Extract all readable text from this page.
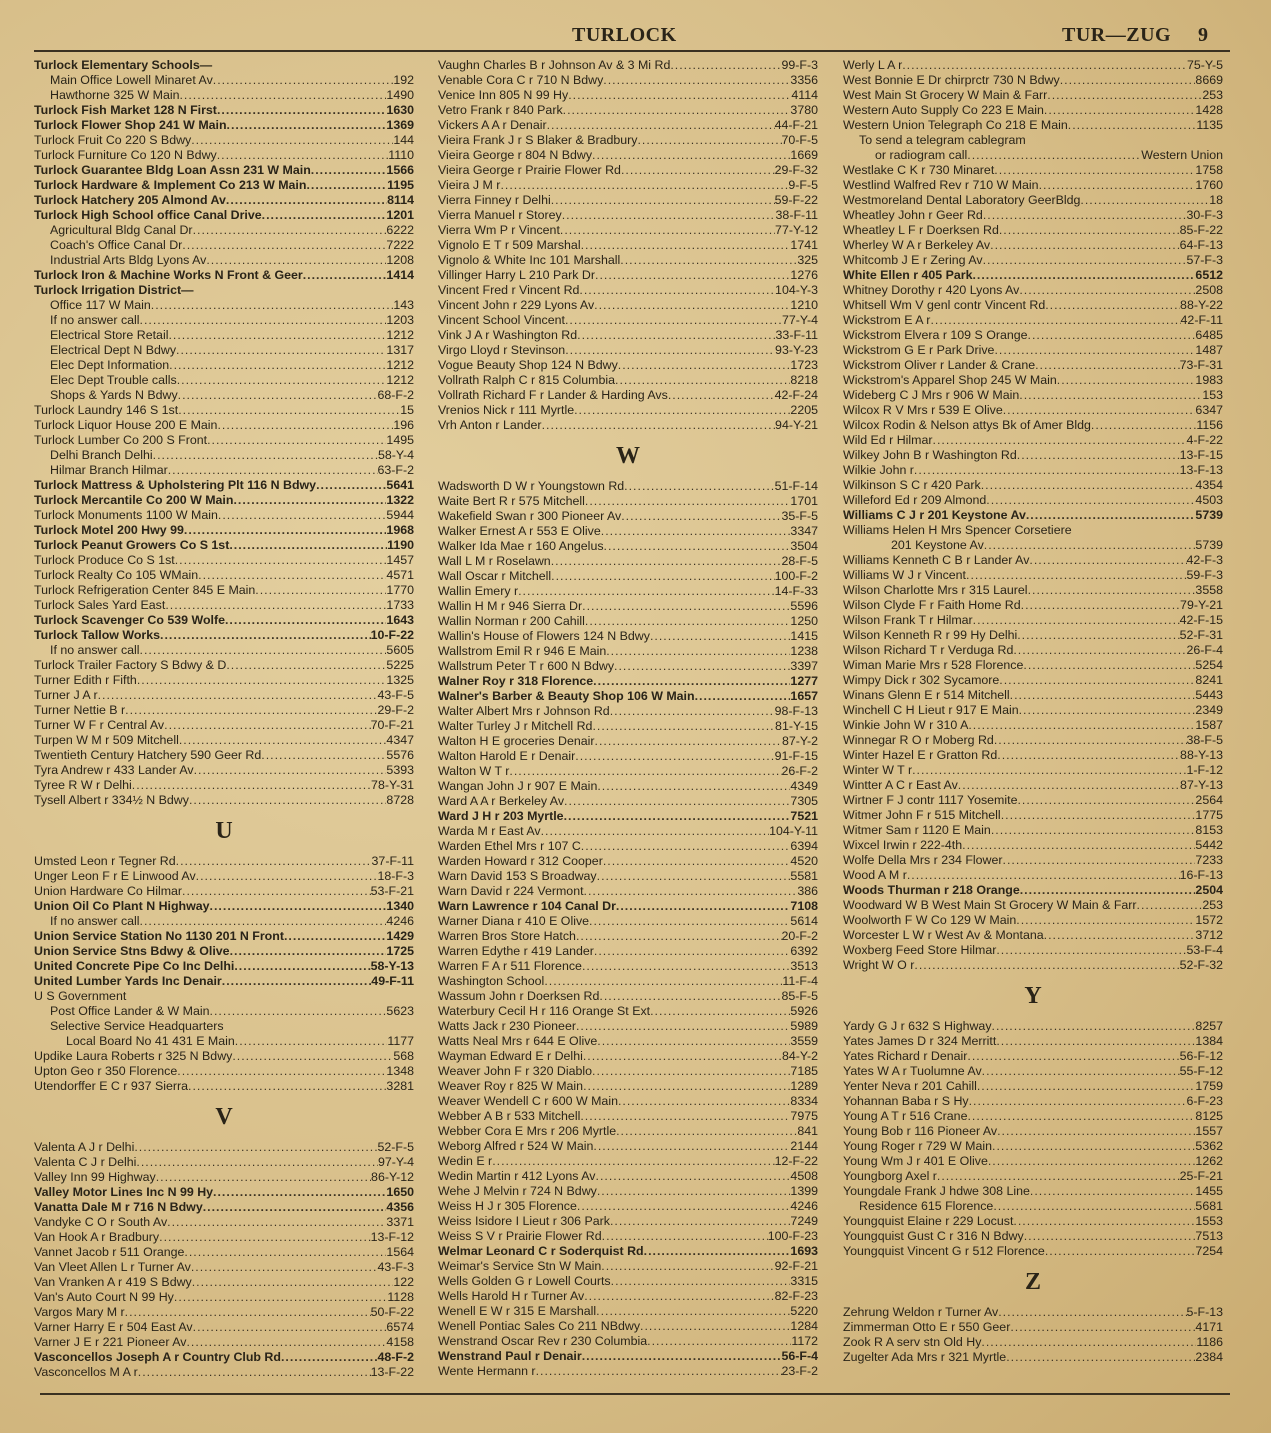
TURLOCK	TUR—ZUG 9
Turlock Elementary Schools—
Main Office Lowell Minaret Av .....	192
Hawthorne 325 W Main .....	1490
Turlock Fish Market 128 N First .....	1630
Turlock Flower Shop 241 W Main .....	1369
Turlock Fruit Co 220 S Bdwy .....	144
Turlock Furniture Co 120 N Bdwy .....	1110
Turlock Guarantee Bldg Loan Assn 231 W Main .....	1566
Turlock Hardware & Implement Co 213 W Main .....	1195
Turlock Hatchery 205 Almond Av .....	8114
Turlock High School office Canal Drive .....	1201
Agricultural Bldg Canal Dr .....	6222
Coach's Office Canal Dr .....	7222
Industrial Arts Bldg Lyons Av .....	1208
Turlock Iron & Machine Works N Front & Geer .....	1414
Turlock Irrigation District—
Office 117 W Main .....	143
If no answer call .....	1203
Electrical Store Retail .....	1212
Electrical Dept N Bdwy .....	1317
Elec Dept Information .....	1212
Elec Dept Trouble calls .....	1212
Shops & Yards N Bdwy .....	68-F-2
Turlock Laundry 146 S 1st .....	15
Turlock Liquor House 200 E Main .....	196
Turlock Lumber Co 200 S Front .....	1495
Delhi Branch Delhi .....	58-Y-4
Hilmar Branch Hilmar .....	63-F-2
Turlock Mattress & Upholstering Plt 116 N Bdwy .....	5641
Turlock Mercantile Co 200 W Main .....	1322
Turlock Monuments 1100 W Main .....	5944
Turlock Motel 200 Hwy 99 .....	1968
Turlock Peanut Growers Co S 1st .....	1190
Turlock Produce Co S 1st .....	1457
Turlock Realty Co 105 WMain .....	4571
Turlock Refrigeration Center 845 E Main .....	1770
Turlock Sales Yard East .....	1733
Turlock Scavenger Co 539 Wolfe .....	1643
Turlock Tallow Works .....	10-F-22
If no answer call .....	5605
Turlock Trailer Factory S Bdwy & D .....	5225
Turner Edith r Fifth .....	1325
Turner J A r .....	43-F-5
Turner Nettie B r .....	29-F-2
Turner W F r Central Av .....	70-F-21
Turpen W M r 509 Mitchell .....	4347
Twentieth Century Hatchery 590 Geer Rd .....	5576
Tyra Andrew r 433 Lander Av .....	5393
Tyree R W r Delhi .....	78-Y-31
Tysell Albert r 334½ N Bdwy .....	8728
U
Umsted Leon r Tegner Rd .....	37-F-11
Unger Leon F r E Linwood Av .....	18-F-3
Union Hardware Co Hilmar .....	53-F-21
Union Oil Co Plant N Highway .....	1340
If no answer call .....	4246
Union Service Station No 1130 201 N Front .....	1429
Union Service Stns Bdwy & Olive .....	1725
United Concrete Pipe Co Inc Delhi .....	58-Y-13
United Lumber Yards Inc Denair .....	49-F-11
U S Government
Post Office Lander & W Main .....	5623
Selective Service Headquarters
Local Board No 41 431 E Main .....	1177
Updike Laura Roberts r 325 N Bdwy .....	568
Upton Geo r 350 Florence .....	1348
Utendorffer E C r 937 Sierra .....	3281
V
Valenta A J r Delhi .....	52-F-5
Valenta C J r Delhi .....	97-Y-4
Valley Inn 99 Highway .....	86-Y-12
Valley Motor Lines Inc N 99 Hy .....	1650
Vanatta Dale M r 716 N Bdwy .....	4356
Vandyke C O r South Av .....	3371
Van Hook A r Bradbury .....	13-F-12
Vannet Jacob r 511 Orange .....	1564
Van Vleet Allen L r Turner Av .....	43-F-3
Van Vranken A r 419 S Bdwy .....	122
Van's Auto Court N 99 Hy .....	1128
Vargos Mary M r .....	50-F-22
Varner Harry E r 504 East Av .....	6574
Varner J E r 221 Pioneer Av .....	4158
Vasconcellos Joseph A r Country Club Rd .....	48-F-2
Vasconcellos M A r .....	13-F-22
Vaughn Charles B r Johnson Av & 3 Mi Rd .....	99-F-3
Venable Cora C r 710 N Bdwy .....	3356
Venice Inn 805 N 99 Hy .....	4114
Vetro Frank r 840 Park .....	3780
Vickers A A r Denair .....	44-F-21
Vieira Frank J r S Blaker & Bradbury .....	70-F-5
Vieira George r 804 N Bdwy .....	1669
Vieira George r Prairie Flower Rd .....	29-F-32
Vieira J M r .....	9-F-5
Vierra Finney r Delhi .....	59-F-22
Vierra Manuel r Storey .....	38-F-11
Vierra Wm P r Vincent .....	77-Y-12
Vignolo E T r 509 Marshal .....	1741
Vignolo & White Inc 101 Marshall .....	325
Villinger Harry L 210 Park Dr .....	1276
Vincent Fred r Vincent Rd .....	104-Y-3
Vincent John r 229 Lyons Av .....	1210
Vincent School Vincent .....	77-Y-4
Vink J A r Washington Rd .....	33-F-11
Virgo Lloyd r Stevinson .....	93-Y-23
Vogue Beauty Shop 124 N Bdwy .....	1723
Vollrath Ralph C r 815 Columbia .....	8218
Vollrath Richard F r Lander & Harding Avs .....	42-F-24
Vrenios Nick r 111 Myrtle .....	2205
Vrh Anton r Lander .....	94-Y-21
W
Wadsworth D W r Youngstown Rd .....	51-F-14
Waite Bert R r 575 Mitchell .....	1701
Wakefield Swan r 300 Pioneer Av .....	35-F-5
Walker Ernest A r 553 E Olive .....	3347
Walker Ida Mae r 160 Angelus .....	3504
Wall L M r Roselawn .....	28-F-5
Wall Oscar r Mitchell .....	100-F-2
Wallin Emery r .....	14-F-33
Wallin H M r 946 Sierra Dr .....	5596
Wallin Norman r 200 Cahill .....	1250
Wallin's House of Flowers 124 N Bdwy .....	1415
Wallstrom Emil R r 946 E Main .....	1238
Wallstrum Peter T r 600 N Bdwy .....	3397
Walner Roy r 318 Florence .....	1277
Walner's Barber & Beauty Shop 106 W Main .....	1657
Walter Albert Mrs r Johnson Rd .....	98-F-13
Walter Turley J r Mitchell Rd .....	81-Y-15
Walton H E groceries Denair .....	87-Y-2
Walton Harold E r Denair .....	91-F-15
Walton W T r .....	26-F-2
Wangan John J r 907 E Main .....	4349
Ward A A r Berkeley Av .....	7305
Ward J H r 203 Myrtle .....	7521
Warda M r East Av .....	104-Y-11
Warden Ethel Mrs r 107 C .....	6394
Warden Howard r 312 Cooper .....	4520
Warn David 153 S Broadway .....	5581
Warn David r 224 Vermont .....	386
Warn Lawrence r 104 Canal Dr .....	7108
Warner Diana r 410 E Olive .....	5614
Warren Bros Store Hatch .....	20-F-2
Warren Edythe r 419 Lander .....	6392
Warren F A r 511 Florence .....	3513
Washington School .....	11-F-4
Wassum John r Doerksen Rd .....	85-F-5
Waterbury Cecil H r 116 Orange St Ext .....	5926
Watts Jack r 230 Pioneer .....	5989
Watts Neal Mrs r 644 E Olive .....	3559
Wayman Edward E r Delhi .....	84-Y-2
Weaver John F r 320 Diablo .....	7185
Weaver Roy r 825 W Main .....	1289
Weaver Wendell C r 600 W Main .....	8334
Webber A B r 533 Mitchell .....	7975
Webber Cora E Mrs r 206 Myrtle .....	841
Weborg Alfred r 524 W Main .....	2144
Wedin E r .....	12-F-22
Wedin Martin r 412 Lyons Av .....	4508
Wehe J Melvin r 724 N Bdwy .....	1399
Weiss H J r 305 Florence .....	4246
Weiss Isidore I Lieut r 306 Park .....	7249
Weiss S V r Prairie Flower Rd .....	100-F-23
Welmar Leonard C r Soderquist Rd .....	1693
Weimar's Service Stn W Main .....	92-F-21
Wells Golden G r Lowell Courts .....	3315
Wells Harold H r Turner Av .....	82-F-23
Wenell E W r 315 E Marshall .....	5220
Wenell Pontiac Sales Co 211 NBdwy .....	1284
Wenstrand Oscar Rev r 230 Columbia .....	1172
Wenstrand Paul r Denair .....	56-F-4
Wente Hermann r .....	23-F-2
Werly L A r .....	75-Y-5
West Bonnie E Dr chirprctr 730 N Bdwy .....	8669
West Main St Grocery W Main & Farr .....	253
Western Auto Supply Co 223 E Main .....	1428
Western Union Telegraph Co 218 E Main .....	1135
To send a telegram cablegram
or radiogram call .....	Western Union
Westlake C K r 730 Minaret .....	1758
Westlind Walfred Rev r 710 W Main .....	1760
Westmoreland Dental Laboratory GeerBldg .....	18
Wheatley John r Geer Rd .....	30-F-3
Wheatley L F r Doerksen Rd .....	85-F-22
Wherley W A r Berkeley Av .....	64-F-13
Whitcomb J E r Zering Av .....	57-F-3
White Ellen r 405 Park .....	6512
Whitney Dorothy r 420 Lyons Av .....	2508
Whitsell Wm V genl contr Vincent Rd .....	88-Y-22
Wickstrom E A r .....	42-F-11
Wickstrom Elvera r 109 S Orange .....	6485
Wickstrom G E r Park Drive .....	1487
Wickstrom Oliver r Lander & Crane .....	73-F-31
Wickstrom's Apparel Shop 245 W Main .....	1983
Wideberg C J Mrs r 906 W Main .....	153
Wilcox R V Mrs r 539 E Olive .....	6347
Wilcox Rodin & Nelson attys Bk of Amer Bldg .....	1156
Wild Ed r Hilmar .....	4-F-22
Wilkey John B r Washington Rd .....	13-F-15
Wilkie John r .....	13-F-13
Wilkinson S C r 420 Park .....	4354
Willeford Ed r 209 Almond .....	4503
Williams C J r 201 Keystone Av .....	5739
Williams Helen H Mrs Spencer Corsetiere
201 Keystone Av .....	5739
Williams Kenneth C B r Lander Av .....	42-F-3
Williams W J r Vincent .....	59-F-3
Wilson Charlotte Mrs r 315 Laurel .....	3558
Wilson Clyde F r Faith Home Rd .....	79-Y-21
Wilson Frank T r Hilmar .....	42-F-15
Wilson Kenneth R r 99 Hy Delhi .....	52-F-31
Wilson Richard T r Verduga Rd .....	26-F-4
Wiman Marie Mrs r 528 Florence .....	5254
Wimpy Dick r 302 Sycamore .....	8241
Winans Glenn E r 514 Mitchell .....	5443
Winchell C H Lieut r 917 E Main .....	2349
Winkie John W r 310 A .....	1587
Winnegar R O r Moberg Rd .....	38-F-5
Winter Hazel E r Gratton Rd .....	88-Y-13
Winter W T r .....	1-F-12
Wintter A C r East Av .....	87-Y-13
Wirtner F J contr 1117 Yosemite .....	2564
Witmer John F r 515 Mitchell .....	1775
Witmer Sam r 1120 E Main .....	8153
Wixcel Irwin r 222-4th .....	5442
Wolfe Della Mrs r 234 Flower .....	7233
Wood A M r .....	16-F-13
Woods Thurman r 218 Orange .....	2504
Woodward W B West Main St Grocery W Main & Farr .....	253
Woolworth F W Co 129 W Main .....	1572
Worcester L W r West Av & Montana .....	3712
Woxberg Feed Store Hilmar .....	53-F-4
Wright W O r .....	52-F-32
Y
Yardy G J r 632 S Highway .....	8257
Yates James D r 324 Merritt .....	1384
Yates Richard r Denair .....	56-F-12
Yates W A r Tuolumne Av .....	55-F-12
Yenter Neva r 201 Cahill .....	1759
Yohannan Baba r S Hy .....	6-F-23
Young A T r 516 Crane .....	8125
Young Bob r 116 Pioneer Av .....	1557
Young Roger r 729 W Main .....	5362
Young Wm J r 401 E Olive .....	1262
Youngborg Axel r .....	25-F-21
Youngdale Frank J hdwe 308 Line .....	1455
Residence 615 Florence .....	5681
Youngquist Elaine r 229 Locust .....	1553
Youngquist Gust C r 316 N Bdwy .....	7513
Youngquist Vincent G r 512 Florence .....	7254
Z
Zehrung Weldon r Turner Av .....	5-F-13
Zimmerman Otto E r 550 Geer .....	4171
Zook R A serv stn Old Hy .....	1186
Zugelter Ada Mrs r 321 Myrtle .....	2384
